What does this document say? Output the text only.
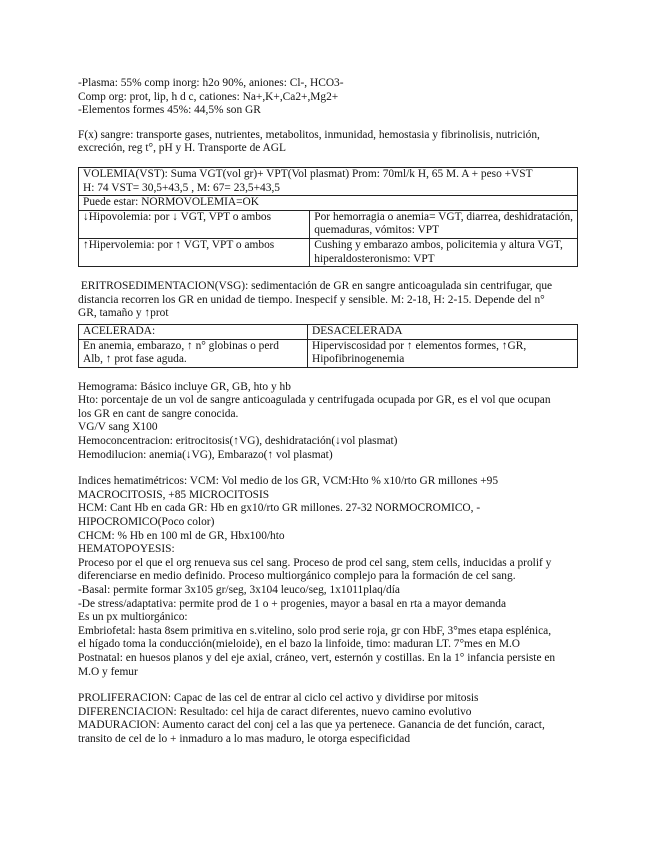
-Plasma: 55% comp inorg: h2o 90%, aniones: Cl-, HCO3-
Comp org: prot, lip, h d c, cationes: Na+,K+,Ca2+,Mg2+
-Elementos formes 45%: 44,5% son GR
F(x) sangre: transporte gases, nutrientes, metabolitos, inmunidad, hemostasia y fibrinolisis, nutrición,
excreción, reg t°, pH y H. Transporte de AGL
VOLEMIA(VST): Suma VGT(vol gr)+ VPT(Vol plasmat) Prom: 70ml/k H, 65 M. A + peso +VST
H: 74 VST= 30,5+43,5 , M: 67= 23,5+43,5	

Puede estar: NORMOVOLEMIA=OK	

↓Hipovolemia: por ↓ VGT, VPT o ambos	Por hemorragia o anemia= VGT, diarrea, deshidratación,
quemaduras, vómitos: VPT

↑Hipervolemia: por ↑ VGT, VPT o ambos	Cushing y embarazo ambos, policitemia y altura VGT,
hiperaldosteronismo: VPT
ERITROSEDIMENTACION(VSG): sedimentación de GR en sangre anticoagulada sin centrifugar, que
distancia recorren los GR en unidad de tiempo. Inespecif y sensible. M: 2-18, H: 2-15. Depende del n°
GR, tamaño y ↑prot
ACELERADA:	DESACELERADA

En anemia, embarazo, ↑ n° globinas o perd
Alb, ↑ prot fase aguda.	Hiperviscosidad por ↑ elementos formes, ↑GR,
Hipofibrinogenemia
Hemograma: Básico incluye GR, GB, hto y hb
Hto: porcentaje de un vol de sangre anticoagulada y centrifugada ocupada por GR, es el vol que ocupan
los GR en cant de sangre conocida.
VG/V sang X100
Hemoconcentracion: eritrocitosis(↑VG), deshidratación(↓vol plasmat)
Hemodilucion: anemia(↓VG), Embarazo(↑ vol plasmat)
Indices hematimétricos: VCM: Vol medio de los GR, VCM:Hto % x10/rto GR millones +95
MACROCITOSIS, +85 MICROCITOSIS
HCM: Cant Hb en cada GR: Hb en gx10/rto GR millones. 27-32 NORMOCROMICO, -
HIPOCROMICO(Poco color)
CHCM: % Hb en 100 ml de GR, Hbx100/hto
HEMATOPOYESIS:
Proceso por el que el org renueva sus cel sang. Proceso de prod cel sang, stem cells, inducidas a prolif y
diferenciarse en medio definido. Proceso multiorgánico complejo para la formación de cel sang.
-Basal: permite formar 3x105 gr/seg, 3x104 leuco/seg, 1x1011plaq/día
-De stress/adaptativa: permite prod de 1 o + progenies, mayor a basal en rta a mayor demanda
Es un px multiorgánico:
Embriofetal: hasta 8sem primitiva en s.vitelino, solo prod serie roja, gr con HbF, 3°mes etapa esplénica,
el hígado toma la conducción(mieloide), en el bazo la linfoide, timo: maduran LT. 7°mes en M.O
Postnatal: en huesos planos y del eje axial, cráneo, vert, esternón y costillas. En la 1° infancia persiste en
M.O y femur
PROLIFERACION: Capac de las cel de entrar al ciclo cel activo y dividirse por mitosis
DIFERENCIACION: Resultado: cel hija de caract diferentes, nuevo camino evolutivo
MADURACION: Aumento caract del conj cel a las que ya pertenece. Ganancia de det función, caract,
transito de cel de lo + inmaduro a lo mas maduro, le otorga especificidad
